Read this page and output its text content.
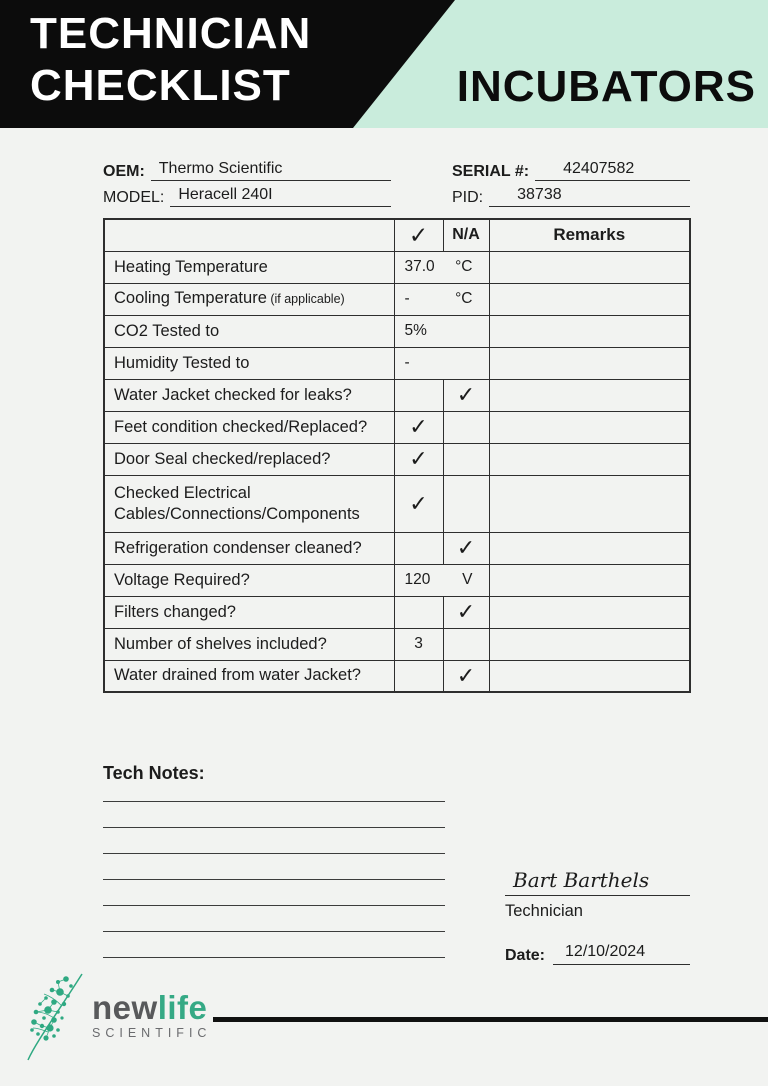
TECHNICIAN
CHECKLIST	INCUBATORS
OEM: Thermo Scientific
MODEL: Heracell 240I
SERIAL #:	42407582
PID:	38738
	✓	N/A	Remarks
Heating Temperature	37.0 °C		

Cooling Temperature (if applicable)	- °C		

CO2 Tested to	5%		
Humidity Tested to	-		
Water Jacket checked for leaks?		✓	
Feet condition checked/Replaced?	✓		
Door Seal checked/replaced?	✓		
Checked Electrical Cables/Connections/Components	✓		
Refrigeration condenser cleaned?		✓	
Voltage Required?	120 V		

Filters changed?		✓	
Number of shelves included?	3		
Water drained from water Jacket?		✓	
Tech Notes:
Bart Barthels
Technician
Date:	12/10/2024
newlife
SCIENTIFIC
